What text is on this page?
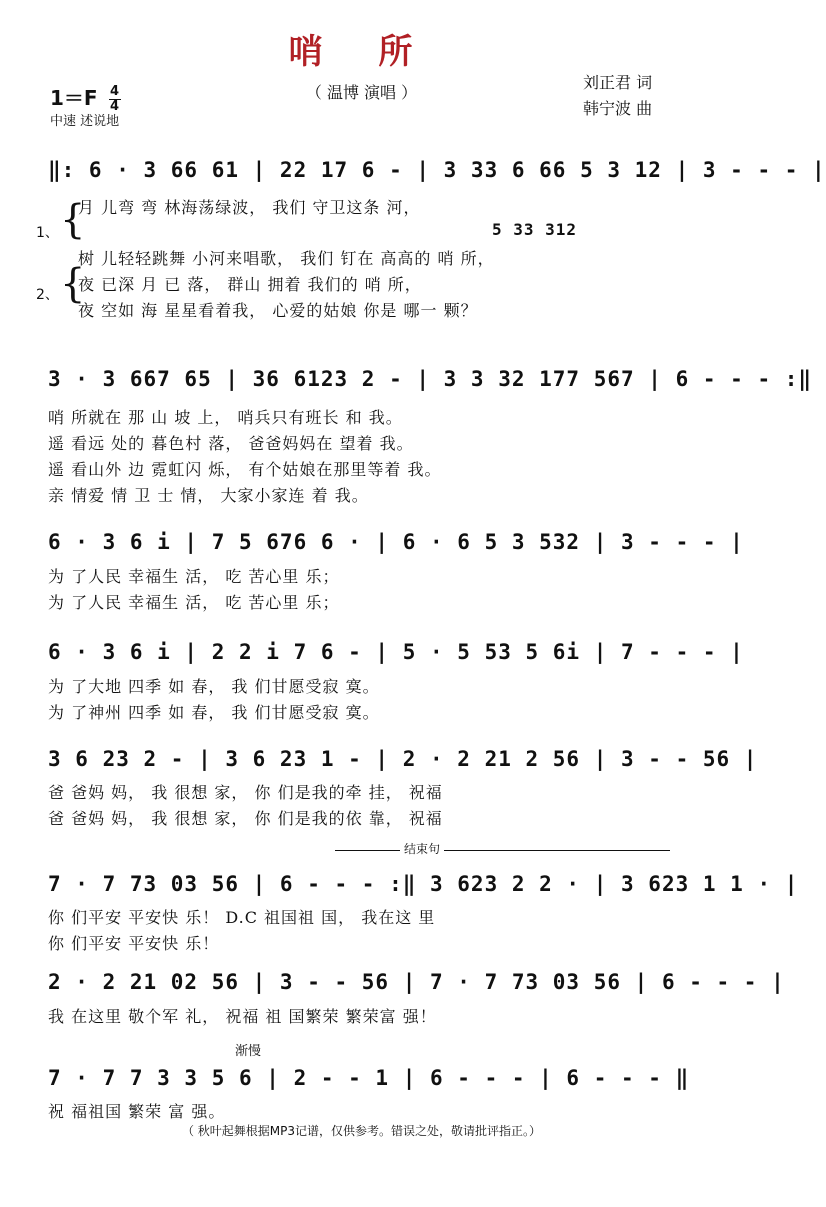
哨 所
（ 温博 演唱 ）
刘正君 词
韩宁波 曲
$1=F \frac{4}{4}$
中速 述说地
‖: 6 · 3 66 61 | 22 17 6 - | 3 33 6 66 5 3 12 | 3 - - - |
5 33 312
1、 {
2、 {
月 儿弯 弯 林海荡绿波， 我们 守卫这条 河，
树 儿轻轻跳舞 小河来唱歌， 我们 钉在 高高的 哨 所，
夜 已深 月 已 落， 群山 拥着 我们的 哨 所，
夜 空如 海 星星看着我， 心爱的姑娘 你是 哪一 颗？
3 · 3 667 65 | 36 6123 2 - | 3 3 32 177 567 | 6 - - - :‖
哨 所就在 那 山 坡 上， 哨兵只有班长 和 我。
遥 看远 处的 暮色村 落， 爸爸妈妈在 望着 我。
遥 看山外 边 霓虹闪 烁， 有个姑娘在那里等着 我。
亲 情爱 情 卫 士 情， 大家小家连 着 我。
6 · 3 6 i | 7 5 676 6 · | 6 · 6 5 3 532 | 3 - - - |
为 了人民 幸福生 活， 吃 苦心里 乐；
为 了人民 幸福生 活， 吃 苦心里 乐；
6 · 3 6 i | 2 2 i 7 6 - | 5 · 5 53 5 6i | 7 - - - |
为 了大地 四季 如 春， 我 们甘愿受寂 寞。
为 了神州 四季 如 春， 我 们甘愿受寂 寞。
3 6 23 2 - | 3 6 23 1 - | 2 · 2 21 2 56 | 3 - - 56 |
爸 爸妈 妈， 我 很想 家， 你 们是我的牵 挂， 祝福
爸 爸妈 妈， 我 很想 家， 你 们是我的依 靠， 祝福
结束句
7 · 7 73 03 56 | 6 - - - :‖ 3 623 2 2 · | 3 623 1 1 · |
你 们平安 平安快 乐！ D.C 祖国祖 国， 我在这 里
你 们平安 平安快 乐！
2 · 2 21 02 56 | 3 - - 56 | 7 · 7 73 03 56 | 6 - - - |
我 在这里 敬个军 礼， 祝福 祖 国繁荣 繁荣富 强！
渐慢
7 · 7 7 3 3 5 6 | 2 - - 1 | 6 - - - | 6 - - - ‖
祝 福祖国 繁荣 富 强。
（ 秋叶起舞根据MP3记谱，仅供参考。错误之处，敬请批评指正。）
